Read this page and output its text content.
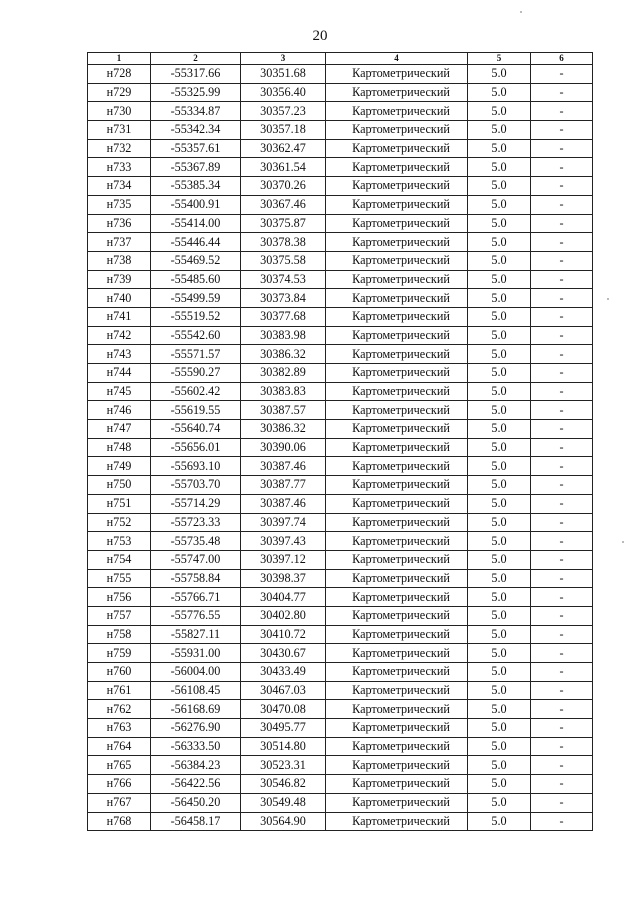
20
1	2	3	4	5	6
н728	-55317.66	30351.68	Картометрический	5.0	-
н729	-55325.99	30356.40	Картометрический	5.0	-
н730	-55334.87	30357.23	Картометрический	5.0	-
н731	-55342.34	30357.18	Картометрический	5.0	-
н732	-55357.61	30362.47	Картометрический	5.0	-
н733	-55367.89	30361.54	Картометрический	5.0	-
н734	-55385.34	30370.26	Картометрический	5.0	-
н735	-55400.91	30367.46	Картометрический	5.0	-
н736	-55414.00	30375.87	Картометрический	5.0	-
н737	-55446.44	30378.38	Картометрический	5.0	-
н738	-55469.52	30375.58	Картометрический	5.0	-
н739	-55485.60	30374.53	Картометрический	5.0	-
н740	-55499.59	30373.84	Картометрический	5.0	-
н741	-55519.52	30377.68	Картометрический	5.0	-
н742	-55542.60	30383.98	Картометрический	5.0	-
н743	-55571.57	30386.32	Картометрический	5.0	-
н744	-55590.27	30382.89	Картометрический	5.0	-
н745	-55602.42	30383.83	Картометрический	5.0	-
н746	-55619.55	30387.57	Картометрический	5.0	-
н747	-55640.74	30386.32	Картометрический	5.0	-
н748	-55656.01	30390.06	Картометрический	5.0	-
н749	-55693.10	30387.46	Картометрический	5.0	-
н750	-55703.70	30387.77	Картометрический	5.0	-
н751	-55714.29	30387.46	Картометрический	5.0	-
н752	-55723.33	30397.74	Картометрический	5.0	-
н753	-55735.48	30397.43	Картометрический	5.0	-
н754	-55747.00	30397.12	Картометрический	5.0	-
н755	-55758.84	30398.37	Картометрический	5.0	-
н756	-55766.71	30404.77	Картометрический	5.0	-
н757	-55776.55	30402.80	Картометрический	5.0	-
н758	-55827.11	30410.72	Картометрический	5.0	-
н759	-55931.00	30430.67	Картометрический	5.0	-
н760	-56004.00	30433.49	Картометрический	5.0	-
н761	-56108.45	30467.03	Картометрический	5.0	-
н762	-56168.69	30470.08	Картометрический	5.0	-
н763	-56276.90	30495.77	Картометрический	5.0	-
н764	-56333.50	30514.80	Картометрический	5.0	-
н765	-56384.23	30523.31	Картометрический	5.0	-
н766	-56422.56	30546.82	Картометрический	5.0	-
н767	-56450.20	30549.48	Картометрический	5.0	-
н768	-56458.17	30564.90	Картометрический	5.0	-
